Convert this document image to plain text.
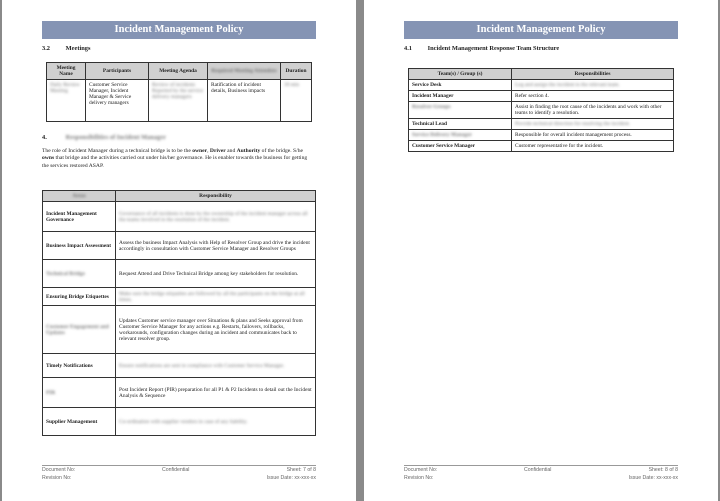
Incident Management Policy
3.2 Meetings
Meeting Name	Participants	Meeting Agenda	Required Meeting Attendees	Duration
Daily Review Meeting	Customer Service Manager, Incident Manager & Service delivery managers	Review of incidents Reported by the service delivery managers	Ratification of incident details, Business impacts	30 min
4.	Responsibilities of Incident Manager
The role of Incident Manager during a technical bridge is to be the owner, Driver and Authority of the bridge. S/he owns that bridge and the activities carried out under his/her governance. He is enabler towards the business for getting the services restored ASAP.
Areas	Responsibility
Incident Management Governance	Governance of all incidents is done by the ownership of the incident manager across all the teams involved in the resolution of the incident.
Business Impact Assessment	Assess the business Impact Analysis with Help of Resolver Group and drive the incident accordingly in consultation with Customer Service Manager and Resolver Groups
Technical Bridge	Request Attend and Drive Technical Bridge among key stakeholders for resolution.
Ensuring Bridge Etiquettes	Make sure the bridge etiquettes are followed by all the participants on the bridge at all times.
Customer Engagement and Updates	Updates Customer service manager over Situations & plans and Seeks approval from Customer Service Manager for any actions e.g. Restarts, failovers, rollbacks, workarounds, configuration changes during an incident and communicates back to relevant resolver group.
Timely Notifications	Ensure notifications are sent in compliance with Customer Service Manager.
PIR	Post Incident Report (PIR) preparation for all P1 & P2 Incidents to detail out the Incident Analysis & Sequence
Supplier Management	Co-ordination with supplier vendors in case of any liability.
Document No:	Confidential	Sheet: 7 of 8
Revision No:	Issue Date: xx-xxx-xx
Incident Management Policy
4.1 Incident Management Response Team Structure
Team(s) / Group (s)	Responsibilities
Service Desk	Log and assign the incident to the relevant team.
Incident Manager	Refer section 4.
Resolver Groups	Assist in finding the root cause of the incidents and work with other teams to identify a resolution.
Technical Lead	Provide technical direction for resolving the incident.
Service Delivery Manager	Responsible for overall incident management process.
Customer Service Manager	Customer representative for the incident.
Document No:	Confidential	Sheet: 8 of 8
Revision No:	Issue Date: xx-xxx-xx
